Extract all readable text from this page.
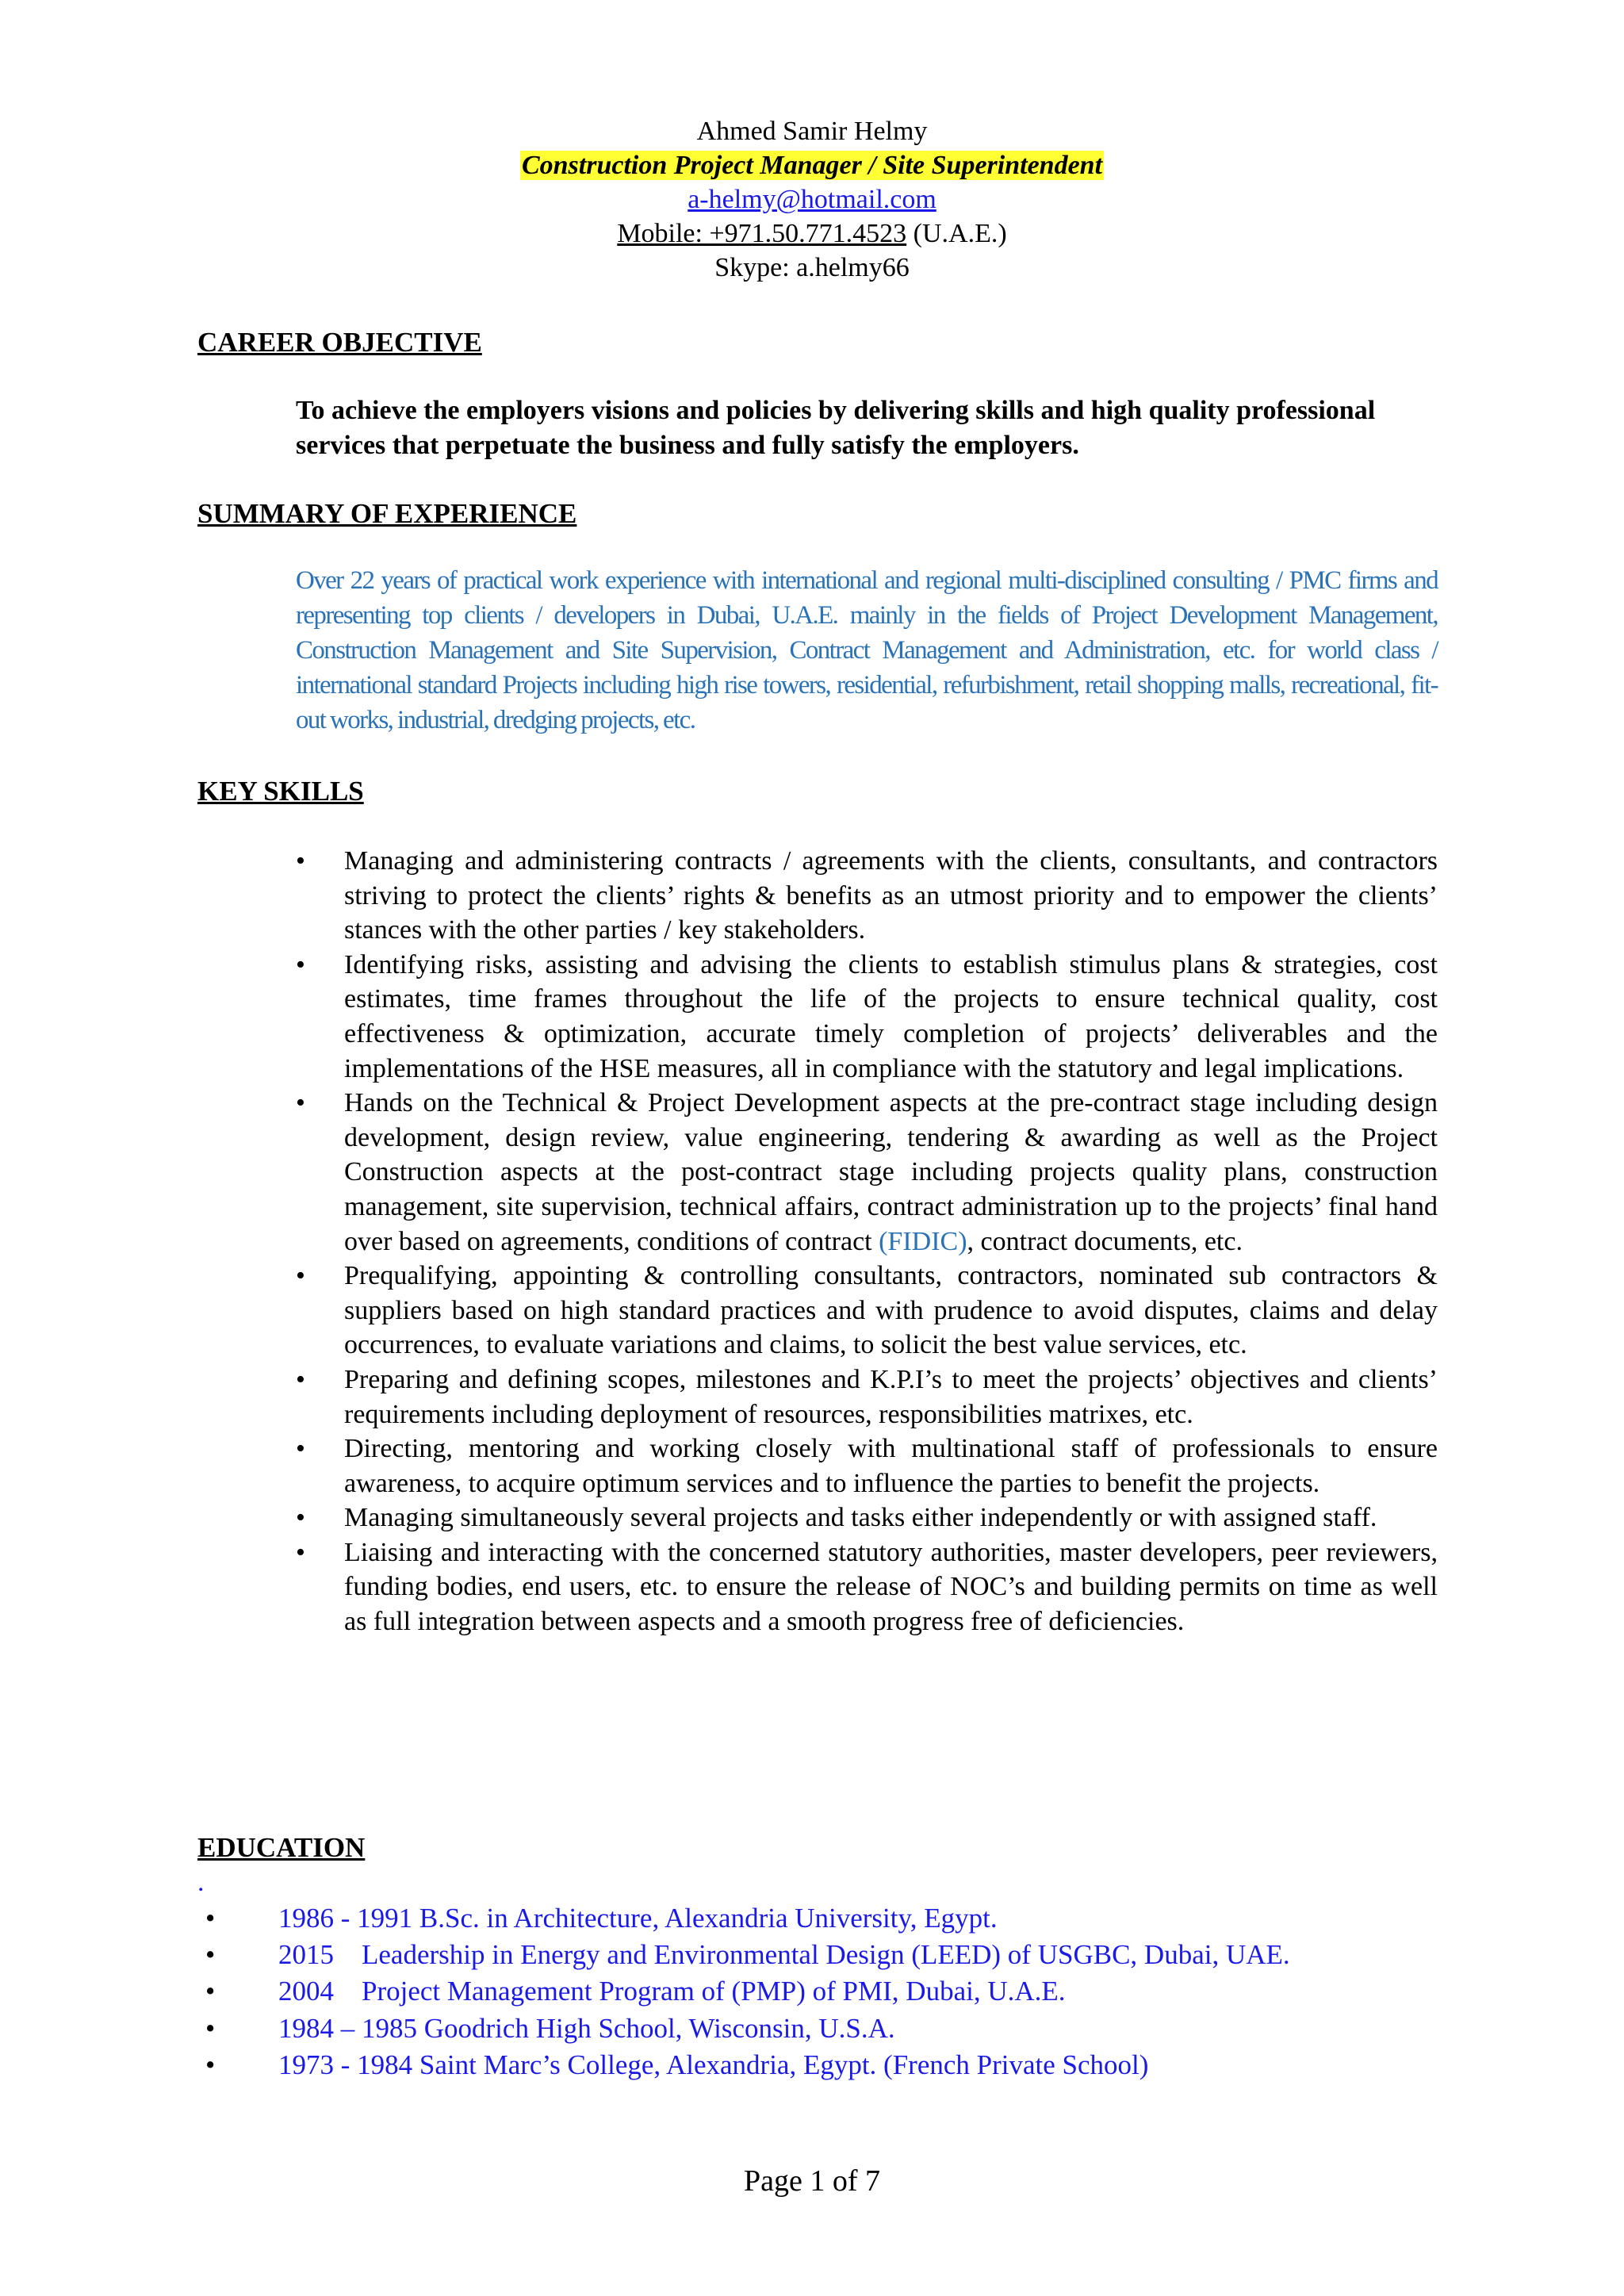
Ahmed Samir Helmy
Construction Project Manager / Site Superintendent
a-helmy@hotmail.com
Mobile: +971.50.771.4523 (U.A.E.)
Skype: a.helmy66
CAREER OBJECTIVE
To achieve the employers visions and policies by delivering skills and high quality professional services that perpetuate the business and fully satisfy the employers.
SUMMARY OF EXPERIENCE
Over 22 years of practical work experience with international and regional multi-disciplined consulting / PMC firms and representing top clients / developers in Dubai, U.A.E. mainly in the fields of Project Development Management, Construction Management and Site Supervision, Contract Management and Administration, etc. for world class / international standard Projects including high rise towers, residential, refurbishment, retail shopping malls, recreational, fit-out works, industrial, dredging projects, etc.
KEY SKILLS
•	Managing and administering contracts / agreements with the clients, consultants, and contractors striving to protect the clients’ rights & benefits as an utmost priority and to empower the clients’ stances with the other parties / key stakeholders.
•	Identifying risks, assisting and advising the clients to establish stimulus plans & strategies, cost estimates, time frames throughout the life of the projects to ensure technical quality, cost effectiveness & optimization, accurate timely completion of projects’ deliverables and the implementations of the HSE measures, all in compliance with the statutory and legal implications.
•	Hands on the Technical & Project Development aspects at the pre-contract stage including design development, design review, value engineering, tendering & awarding as well as the Project Construction aspects at the post-contract stage including projects quality plans, construction management, site supervision, technical affairs, contract administration up to the projects’ final hand over based on agreements, conditions of contract (FIDIC), contract documents, etc.
•	Prequalifying, appointing & controlling consultants, contractors, nominated sub contractors & suppliers based on high standard practices and with prudence to avoid disputes, claims and delay occurrences, to evaluate variations and claims, to solicit the best value services, etc.
•	Preparing and defining scopes, milestones and K.P.I’s to meet the projects’ objectives and clients’ requirements including deployment of resources, responsibilities matrixes, etc.
•	Directing, mentoring and working closely with multinational staff of professionals to ensure awareness, to acquire optimum services and to influence the parties to benefit the projects.
•	Managing simultaneously several projects and tasks either independently or with assigned staff.
•	Liaising and interacting with the concerned statutory authorities, master developers, peer reviewers, funding bodies, end users, etc. to ensure the release of NOC’s and building permits on time as well as full integration between aspects and a smooth progress free of deficiencies.
EDUCATION
.
• 1986 - 1991 B.Sc. in Architecture, Alexandria University, Egypt.
• 2015    Leadership in Energy and Environmental Design (LEED) of USGBC, Dubai, UAE.
• 2004    Project Management Program of (PMP) of PMI, Dubai, U.A.E.
• 1984 – 1985 Goodrich High School, Wisconsin, U.S.A.
• 1973 - 1984 Saint Marc’s College, Alexandria, Egypt. (French Private School)
Page 1 of 7
